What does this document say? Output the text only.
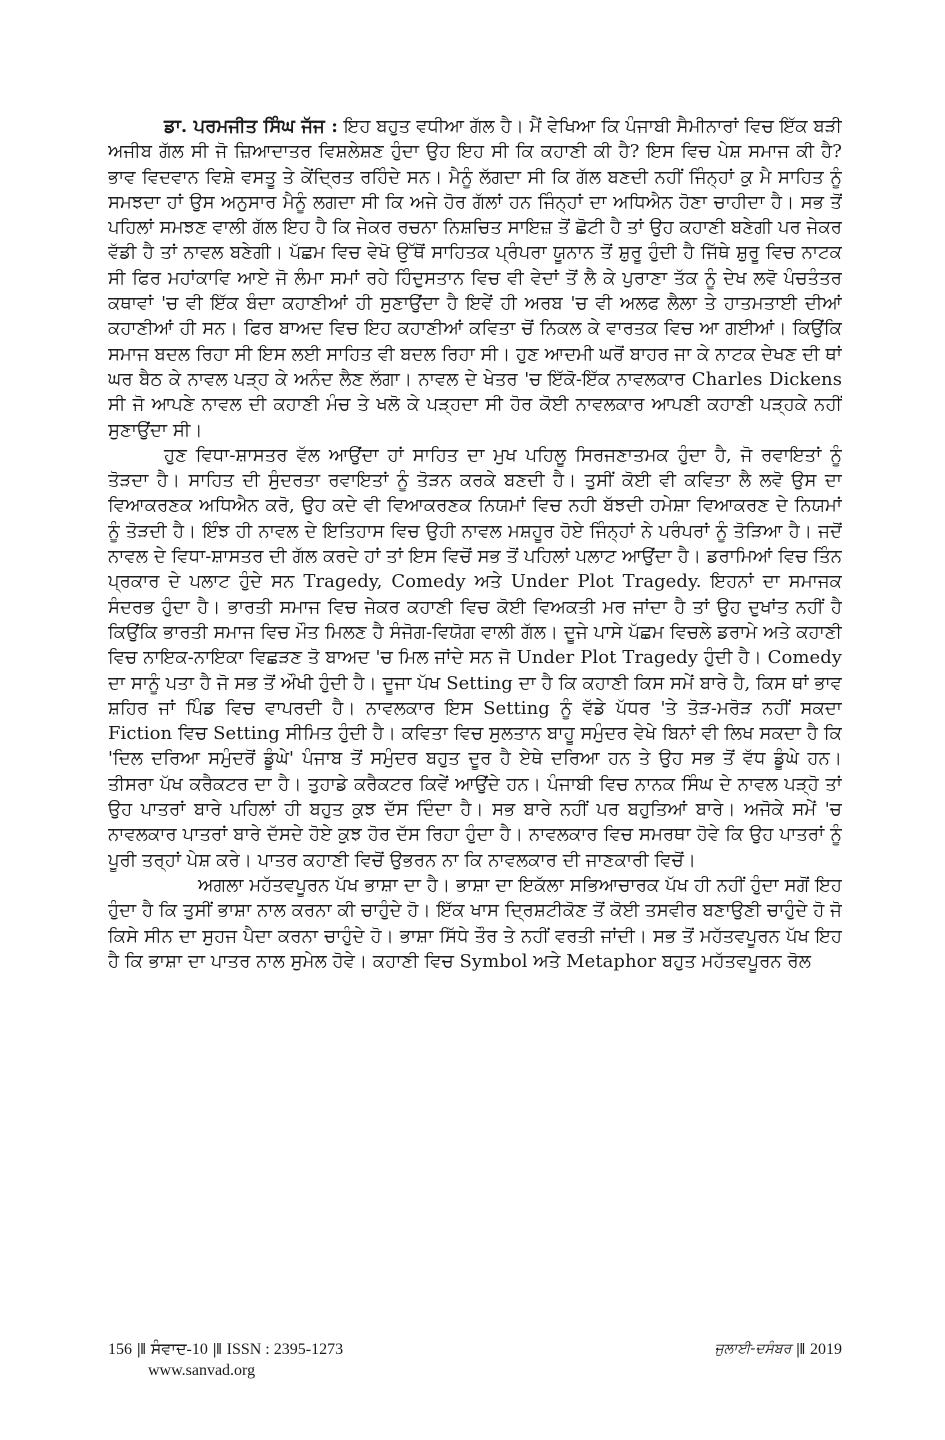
ਡਾ. ਪਰਮਜੀਤ ਸਿੰਘ ਜੱਜ : ਇਹ ਬਹੁਤ ਵਧੀਆ ਗੱਲ ਹੈ। ਮੈਂ ਵੇਖਿਆ ਕਿ ਪੰਜਾਬੀ ਸੈਮੀਨਾਰਾਂ ਵਿਚ ਇੱਕ ਬੜੀ ਅਜੀਬ ਗੱਲ ਸੀ ਜੋ ਜ਼ਿਆਦਾਤਰ ਵਿਸ਼ਲੇਸ਼ਣ ਹੁੰਦਾ ਉਹ ਇਹ ਸੀ ਕਿ ਕਹਾਣੀ ਕੀ ਹੈ? ਇਸ ਵਿਚ ਪੇਸ਼ ਸਮਾਜ ਕੀ ਹੈ? ਭਾਵ ਵਿਦਵਾਨ ਵਿਸ਼ੇ ਵਸਤੂ ਤੇ ਕੇਂਦ੍ਰਿਤ ਰਹਿੰਦੇ ਸਨ। ਮੈਨੂੰ ਲੱਗਦਾ ਸੀ ਕਿ ਗੱਲ ਬਣਦੀ ਨਹੀਂ ਜਿੰਨ੍ਹਾਂ ਕੁ ਮੈ ਸਾਹਿਤ ਨੂੰ ਸਮਝਦਾ ਹਾਂ ਉਸ ਅਨੁਸਾਰ ਮੈਨੂੰ ਲਗਦਾ ਸੀ ਕਿ ਅਜੇ ਹੋਰ ਗੱਲਾਂ ਹਨ ਜਿੰਨ੍ਹਾਂ ਦਾ ਅਧਿਐਨ ਹੋਣਾ ਚਾਹੀਦਾ ਹੈ। ਸਭ ਤੋਂ ਪਹਿਲਾਂ ਸਮਝਣ ਵਾਲੀ ਗੱਲ ਇਹ ਹੈ ਕਿ ਜੇਕਰ ਰਚਨਾ ਨਿਸ਼ਚਿਤ ਸਾਇਜ਼ ਤੋਂ ਛੋਟੀ ਹੈ ਤਾਂ ਉਹ ਕਹਾਣੀ ਬਣੇਗੀ ਪਰ ਜੇਕਰ ਵੱਡੀ ਹੈ ਤਾਂ ਨਾਵਲ ਬਣੇਗੀ। ਪੱਛਮ ਵਿਚ ਵੇਖੋ ਉੱਥੋਂ ਸਾਹਿਤਕ ਪ੍ਰੰਪਰਾ ਯੂਨਾਨ ਤੋਂ ਸ਼ੁਰੂ ਹੁੰਦੀ ਹੈ ਜਿੱਥੇ ਸ਼ੁਰੂ ਵਿਚ ਨਾਟਕ ਸੀ ਫਿਰ ਮਹਾਂਕਾਵਿ ਆਏ ਜੋ ਲੰਮਾ ਸਮਾਂ ਰਹੇ ਹਿੰਦੁਸਤਾਨ ਵਿਚ ਵੀ ਵੇਦਾਂ ਤੋਂ ਲੈ ਕੇ ਪੁਰਾਣਾ ਤੱਕ ਨੂੰ ਦੇਖ ਲਵੋ ਪੰਚਤੰਤਰ ਕਥਾਵਾਂ 'ਚ ਵੀ ਇੱਕ ਬੰਦਾ ਕਹਾਣੀਆਂ ਹੀ ਸੁਣਾਉਂਦਾ ਹੈ ਇਵੇਂ ਹੀ ਅਰਬ 'ਚ ਵੀ ਅਲਫ ਲੈਲਾ ਤੇ ਹਾਤਮਤਾਈ ਦੀਆਂ ਕਹਾਣੀਆਂ ਹੀ ਸਨ। ਫਿਰ ਬਾਅਦ ਵਿਚ ਇਹ ਕਹਾਣੀਆਂ ਕਵਿਤਾ ਚੋਂ ਨਿਕਲ ਕੇ ਵਾਰਤਕ ਵਿਚ ਆ ਗਈਆਂ। ਕਿਉਂਕਿ ਸਮਾਜ ਬਦਲ ਰਿਹਾ ਸੀ ਇਸ ਲਈ ਸਾਹਿਤ ਵੀ ਬਦਲ ਰਿਹਾ ਸੀ। ਹੁਣ ਆਦਮੀ ਘਰੋਂ ਬਾਹਰ ਜਾ ਕੇ ਨਾਟਕ ਦੇਖਣ ਦੀ ਥਾਂ ਘਰ ਬੈਠ ਕੇ ਨਾਵਲ ਪੜ੍ਹ ਕੇ ਅਨੰਦ ਲੈਣ ਲੱਗਾ। ਨਾਵਲ ਦੇ ਖੇਤਰ 'ਚ ਇੱਕੋ-ਇੱਕ ਨਾਵਲਕਾਰ Charles Dickens ਸੀ ਜੋ ਆਪਣੇ ਨਾਵਲ ਦੀ ਕਹਾਣੀ ਮੰਚ ਤੇ ਖਲੋ ਕੇ ਪੜ੍ਹਦਾ ਸੀ ਹੋਰ ਕੋਈ ਨਾਵਲਕਾਰ ਆਪਣੀ ਕਹਾਣੀ ਪੜ੍ਹਕੇ ਨਹੀਂ ਸੁਣਾਉਂਦਾ ਸੀ।

ਹੁਣ ਵਿਧਾ-ਸ਼ਾਸਤਰ ਵੱਲ ਆਉਂਦਾ ਹਾਂ ਸਾਹਿਤ ਦਾ ਮੁਖ ਪਹਿਲੂ ਸਿਰਜਣਾਤਮਕ ਹੁੰਦਾ ਹੈ, ਜੋ ਰਵਾਇਤਾਂ ਨੂੰ ਤੋੜਦਾ ਹੈ। ਸਾਹਿਤ ਦੀ ਸੁੰਦਰਤਾ ਰਵਾਇਤਾਂ ਨੂੰ ਤੋੜਨ ਕਰਕੇ ਬਣਦੀ ਹੈ। ਤੁਸੀਂ ਕੋਈ ਵੀ ਕਵਿਤਾ ਲੈ ਲਵੋ ਉਸ ਦਾ ਵਿਆਕਰਣਕ ਅਧਿਐਨ ਕਰੋ, ਉਹ ਕਦੇ ਵੀ ਵਿਆਕਰਣਕ ਨਿਯਮਾਂ ਵਿਚ ਨਹੀ ਬੱਝਦੀ ਹਮੇਸ਼ਾ ਵਿਆਕਰਣ ਦੇ ਨਿਯਮਾਂ ਨੂੰ ਤੋੜਦੀ ਹੈ। ਇੰਝ ਹੀ ਨਾਵਲ ਦੇ ਇਤਿਹਾਸ ਵਿਚ ਉਹੀ ਨਾਵਲ ਮਸ਼ਹੂਰ ਹੋਏ ਜਿੰਨ੍ਹਾਂ ਨੇ ਪਰੰਪਰਾਂ ਨੂੰ ਤੋੜਿਆ ਹੈ। ਜਦੋਂ ਨਾਵਲ ਦੇ ਵਿਧਾ-ਸ਼ਾਸਤਰ ਦੀ ਗੱਲ ਕਰਦੇ ਹਾਂ ਤਾਂ ਇਸ ਵਿਚੋਂ ਸਭ ਤੋਂ ਪਹਿਲਾਂ ਪਲਾਟ ਆਉਂਦਾ ਹੈ। ਡਰਾਮਿਆਂ ਵਿਚ ਤਿੰਨ ਪ੍ਰਕਾਰ ਦੇ ਪਲਾਟ ਹੁੰਦੇ ਸਨ Tragedy, Comedy ਅਤੇ Under Plot Tragedy. ਇਹਨਾਂ ਦਾ ਸਮਾਜਕ ਸੰਦਰਭ ਹੁੰਦਾ ਹੈ। ਭਾਰਤੀ ਸਮਾਜ ਵਿਚ ਜੇਕਰ ਕਹਾਣੀ ਵਿਚ ਕੋਈ ਵਿਅਕਤੀ ਮਰ ਜਾਂਦਾ ਹੈ ਤਾਂ ਉਹ ਦੁਖਾਂਤ ਨਹੀਂ ਹੈ ਕਿਉਂਕਿ ਭਾਰਤੀ ਸਮਾਜ ਵਿਚ ਮੌਤ ਮਿਲਣ ਹੈ ਸੰਜੋਗ-ਵਿਯੋਗ ਵਾਲੀ ਗੱਲ। ਦੂਜੇ ਪਾਸੇ ਪੱਛਮ ਵਿਚਲੇ ਡਰਾਮੇ ਅਤੇ ਕਹਾਣੀ ਵਿਚ ਨਾਇਕ-ਨਾਇਕਾ ਵਿਛੜਣ ਤੋ ਬਾਅਦ 'ਚ ਮਿਲ ਜਾਂਦੇ ਸਨ ਜੋ Under Plot Tragedy ਹੁੰਦੀ ਹੈ। Comedy ਦਾ ਸਾਨੂੰ ਪਤਾ ਹੈ ਜੋ ਸਭ ਤੋਂ ਔਖੀ ਹੁੰਦੀ ਹੈ। ਦੂਜਾ ਪੱਖ Setting ਦਾ ਹੈ ਕਿ ਕਹਾਣੀ ਕਿਸ ਸਮੇਂ ਬਾਰੇ ਹੈ, ਕਿਸ ਥਾਂ ਭਾਵ ਸ਼ਹਿਰ ਜਾਂ ਪਿੰਡ ਵਿਚ ਵਾਪਰਦੀ ਹੈ। ਨਾਵਲਕਾਰ ਇਸ Setting ਨੂੰ ਵੱਡੇ ਪੱਧਰ 'ਤੇ ਤੋੜ-ਮਰੋੜ ਨਹੀਂ ਸਕਦਾ Fiction ਵਿਚ Setting ਸੀਮਿਤ ਹੁੰਦੀ ਹੈ। ਕਵਿਤਾ ਵਿਚ ਸੁਲਤਾਨ ਬਾਹੂ ਸਮੁੰਦਰ ਵੇਖੇ ਬਿਨਾਂ ਵੀ ਲਿਖ ਸਕਦਾ ਹੈ ਕਿ 'ਦਿਲ ਦਰਿਆ ਸਮੁੰਦਰੋਂ ਡੂੰਘੇ' ਪੰਜਾਬ ਤੋਂ ਸਮੁੰਦਰ ਬਹੁਤ ਦੂਰ ਹੈ ਏਥੇ ਦਰਿਆ ਹਨ ਤੇ ਉਹ ਸਭ ਤੋਂ ਵੱਧ ਡੂੰਘੇ ਹਨ। ਤੀਸਰਾ ਪੱਖ ਕਰੈਕਟਰ ਦਾ ਹੈ। ਤੁਹਾਡੇ ਕਰੈਕਟਰ ਕਿਵੇਂ ਆਉਂਦੇ ਹਨ। ਪੰਜਾਬੀ ਵਿਚ ਨਾਨਕ ਸਿੰਘ ਦੇ ਨਾਵਲ ਪੜ੍ਹੋ ਤਾਂ ਉਹ ਪਾਤਰਾਂ ਬਾਰੇ ਪਹਿਲਾਂ ਹੀ ਬਹੁਤ ਕੁਝ ਦੱਸ ਦਿੰਦਾ ਹੈ। ਸਭ ਬਾਰੇ ਨਹੀਂ ਪਰ ਬਹੁਤਿਆਂ ਬਾਰੇ। ਅਜੋਕੇ ਸਮੇਂ 'ਚ ਨਾਵਲਕਾਰ ਪਾਤਰਾਂ ਬਾਰੇ ਦੱਸਦੇ ਹੋਏ ਕੁਝ ਹੋਰ ਦੱਸ ਰਿਹਾ ਹੁੰਦਾ ਹੈ। ਨਾਵਲਕਾਰ ਵਿਚ ਸਮਰਥਾ ਹੋਵੇ ਕਿ ਉਹ ਪਾਤਰਾਂ ਨੂੰ ਪੂਰੀ ਤਰ੍ਹਾਂ ਪੇਸ਼ ਕਰੇ। ਪਾਤਰ ਕਹਾਣੀ ਵਿਚੋਂ ਉਭਰਨ ਨਾ ਕਿ ਨਾਵਲਕਾਰ ਦੀ ਜਾਣਕਾਰੀ ਵਿਚੋਂ।

ਅਗਲਾ ਮਹੱਤਵਪੂਰਨ ਪੱਖ ਭਾਸ਼ਾ ਦਾ ਹੈ। ਭਾਸ਼ਾ ਦਾ ਇਕੱਲਾ ਸਭਿਆਚਾਰਕ ਪੱਖ ਹੀ ਨਹੀਂ ਹੁੰਦਾ ਸਗੋਂ ਇਹ ਹੁੰਦਾ ਹੈ ਕਿ ਤੁਸੀਂ ਭਾਸ਼ਾ ਨਾਲ ਕਰਨਾ ਕੀ ਚਾਹੁੰਦੇ ਹੋ। ਇੱਕ ਖਾਸ ਦ੍ਰਿਸ਼ਟੀਕੋਣ ਤੋਂ ਕੋਈ ਤਸਵੀਰ ਬਣਾਉਣੀ ਚਾਹੁੰਦੇ ਹੋ ਜੋ ਕਿਸੇ ਸੀਨ ਦਾ ਸੁਹਜ ਪੈਦਾ ਕਰਨਾ ਚਾਹੁੰਦੇ ਹੋ। ਭਾਸ਼ਾ ਸਿੱਧੇ ਤੌਰ ਤੇ ਨਹੀਂ ਵਰਤੀ ਜਾਂਦੀ। ਸਭ ਤੋਂ ਮਹੱਤਵਪੂਰਨ ਪੱਖ ਇਹ ਹੈ ਕਿ ਭਾਸ਼ਾ ਦਾ ਪਾਤਰ ਨਾਲ ਸੁਮੇਲ ਹੋਵੇ। ਕਹਾਣੀ ਵਿਚ Symbol ਅਤੇ Metaphor ਬਹੁਤ ਮਹੱਤਵਪੂਰਨ ਰੋਲ

156 |‖ ਸੰਵਾਦ-10 |‖ ISSN : 2395-1273
www.sanvad.org
ਜੁਲਾਈ-ਦਸੰਬਰ |‖ 2019
